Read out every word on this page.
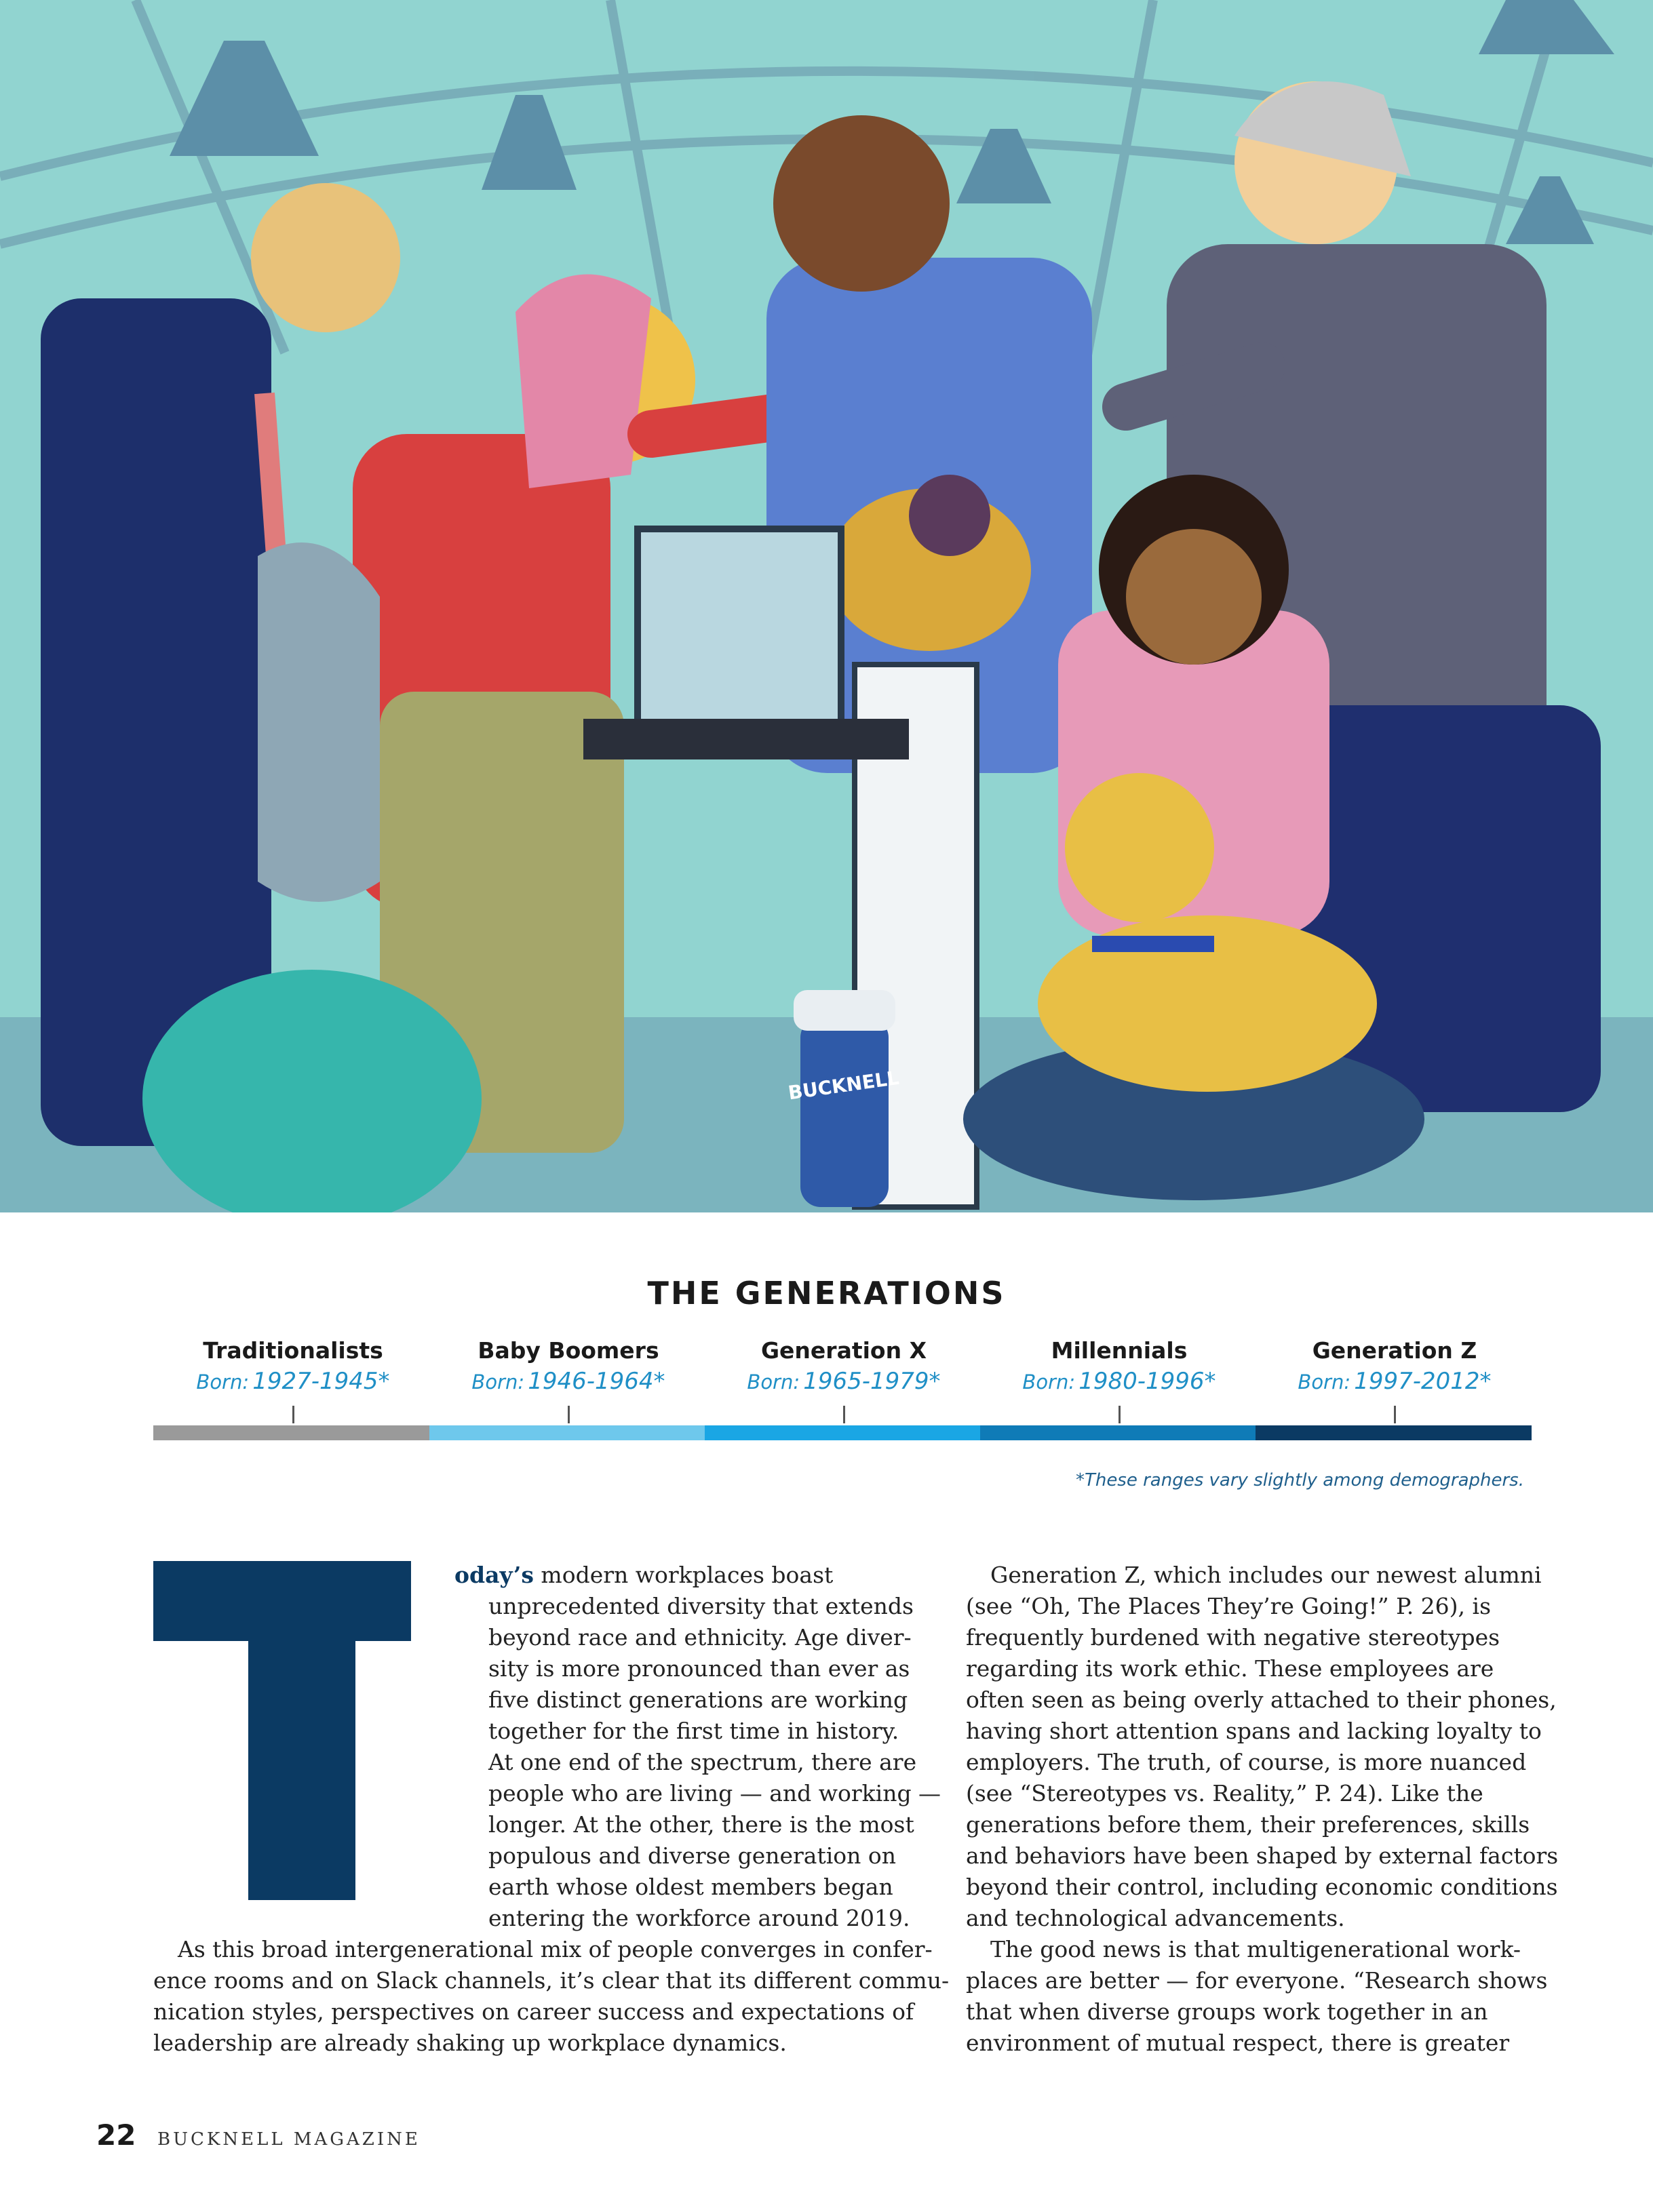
BUCKNELL
THE GENERATIONS
Traditionalists
Born: 1927-1945*
Baby Boomers
Born: 1946-1964*
Generation X
Born: 1965-1979*
Millennials
Born: 1980-1996*
Generation Z
Born: 1997-2012*
*These ranges vary slightly among demographers.
oday’s modern workplaces boast
unprecedented diversity that extends
beyond race and ethnicity. Age diver-
sity is more pronounced than ever as
five distinct generations are working
together for the first time in history.
At one end of the spectrum, there are
people who are living — and working —
longer. At the other, there is the most
populous and diverse generation on
earth whose oldest members began
entering the workforce around 2019.
As this broad intergenerational mix of people converges in confer-
ence rooms and on Slack channels, it’s clear that its different commu-
nication styles, perspectives on career success and expectations of
leadership are already shaking up workplace dynamics.
Generation Z, which includes our newest alumni
(see “Oh, The Places They’re Going!” P. 26), is
frequently burdened with negative stereotypes
regarding its work ethic. These employees are
often seen as being overly attached to their phones,
having short attention spans and lacking loyalty to
employers. The truth, of course, is more nuanced
(see “Stereotypes vs. Reality,” P. 24). Like the
generations before them, their preferences, skills
and behaviors have been shaped by external factors
beyond their control, including economic conditions
and technological advancements.
The good news is that multigenerational work-
places are better — for everyone. “Research shows
that when diverse groups work together in an
environment of mutual respect, there is greater
22 BUCKNELL MAGAZINE
